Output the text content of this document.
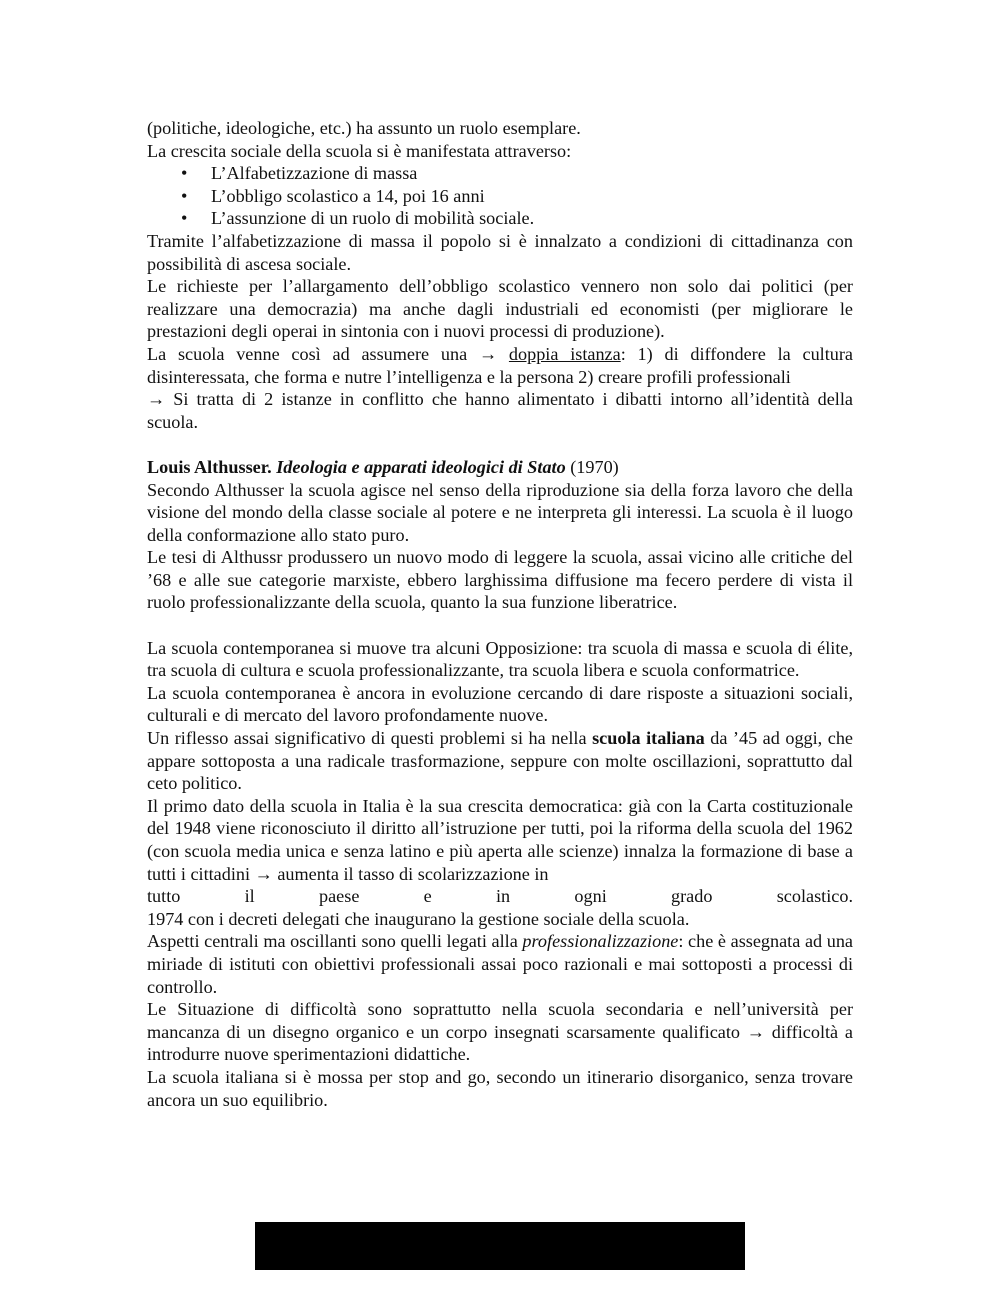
(politiche, ideologiche, etc.) ha assunto un ruolo esemplare.

La crescita sociale della scuola si è manifestata attraverso:

• L’Alfabetizzazione di massa
• L’obbligo scolastico a 14, poi 16 anni
• L’assunzione di un ruolo di mobilità sociale.

Tramite l’alfabetizzazione di massa il popolo si è innalzato a condizioni di cittadinanza con possibilità di ascesa sociale.

Le richieste per l’allargamento dell’obbligo scolastico vennero non solo dai politici (per realizzare una democrazia) ma anche dagli industriali ed economisti (per migliorare le prestazioni degli operai in sintonia con i nuovi processi di produzione).

La scuola venne così ad assumere una → doppia istanza: 1) di diffondere la cultura disinteressata, che forma e nutre l’intelligenza e la persona 2) creare profili professionali

→ Si tratta di 2 istanze in conflitto che hanno alimentato i dibatti intorno all’identità della scuola.

Louis Althusser. Ideologia e apparati ideologici di Stato (1970)

Secondo Althusser la scuola agisce nel senso della riproduzione sia della forza lavoro che della visione del mondo della classe sociale al potere e ne interpreta gli interessi. La scuola è il luogo della conformazione allo stato puro.

Le tesi di Althussr produssero un nuovo modo di leggere la scuola, assai vicino alle critiche del ’68 e alle sue categorie marxiste, ebbero larghissima diffusione ma fecero perdere di vista il ruolo professionalizzante della scuola, quanto la sua funzione liberatrice.

La scuola contemporanea si muove tra alcuni Opposizione: tra scuola di massa e scuola di élite, tra scuola di cultura e scuola professionalizzante, tra scuola libera e scuola conformatrice.

La scuola contemporanea è ancora in evoluzione cercando di dare risposte a situazioni sociali, culturali e di mercato del lavoro profondamente nuove.

Un riflesso assai significativo di questi problemi si ha nella scuola italiana da ’45 ad oggi, che appare sottoposta a una radicale trasformazione, seppure con molte oscillazioni, soprattutto dal ceto politico.

Il primo dato della scuola in Italia è la sua crescita democratica: già con la Carta costituzionale del 1948 viene riconosciuto il diritto all’istruzione per tutti, poi la riforma della scuola del 1962 (con scuola media unica e senza latino e più aperta alle scienze) innalza la formazione di base a tutti i cittadini → aumenta il tasso di scolarizzazione in

tutto	il	paese	e	in	ogni	grado	scolastico.

1974 con i decreti delegati che inaugurano la gestione sociale della scuola.

Aspetti centrali ma oscillanti sono quelli legati alla professionalizzazione: che è assegnata ad una miriade di istituti con obiettivi professionali assai poco razionali e mai sottoposti a processi di controllo.

Le Situazione di difficoltà sono soprattutto nella scuola secondaria e nell’università per mancanza di un disegno organico e un corpo insegnati scarsamente qualificato → difficoltà a introdurre nuove sperimentazioni didattiche.

La scuola italiana si è mossa per stop and go, secondo un itinerario disorganico, senza trovare ancora un suo equilibrio.
